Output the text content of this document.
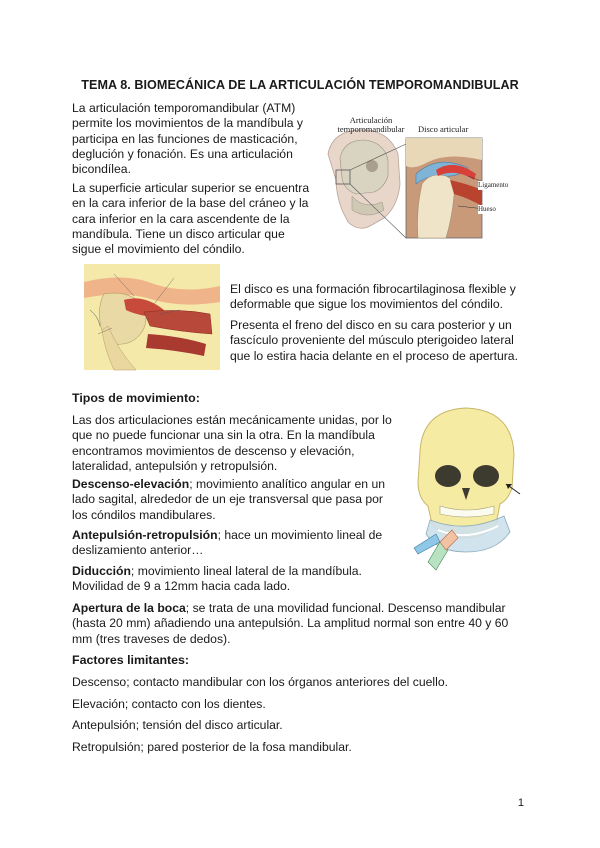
TEMA 8. BIOMECÁNICA DE LA ARTICULACIÓN TEMPOROMANDIBULAR

La articulación temporomandibular (ATM) permite los movimientos de la mandíbula y participa en las funciones de masticación, deglución y fonación. Es una articulación bicondílea.

La superficie articular superior se encuentra en la cara inferior de la base del cráneo y la cara inferior en la cara ascendente de la mandíbula. Tiene un disco articular que sigue el movimiento del cóndilo.

Articulación
temporomandibular Disco articular
Ligamento
Hueso

El disco es una formación fibrocartilaginosa flexible y deformable que sigue los movimientos del cóndilo.

Presenta el freno del disco en su cara posterior y un fascículo proveniente del músculo pterigoideo lateral que lo estira hacia delante en el proceso de apertura.

Tipos de movimiento:

Las dos articulaciones están mecánicamente unidas, por lo que no puede funcionar una sin la otra. En la mandíbula encontramos movimientos de descenso y elevación, lateralidad, antepulsión y retropulsión.

Descenso-elevación; movimiento analítico angular en un lado sagital, alrededor de un eje transversal que pasa por los cóndilos mandibulares.

Antepulsión-retropulsión; hace un movimiento lineal de deslizamiento anterior…

Diducción; movimiento lineal lateral de la mandíbula. Movilidad de 9 a 12mm hacia cada lado.

Apertura de la boca; se trata de una movilidad funcional. Descenso mandibular (hasta 20 mm) añadiendo una antepulsión. La amplitud normal son entre 40 y 60 mm (tres traveses de dedos).

Factores limitantes:

Descenso; contacto mandibular con los órganos anteriores del cuello.

Elevación; contacto con los dientes.

Antepulsión; tensión del disco articular.

Retropulsión; pared posterior de la fosa mandibular.

1
